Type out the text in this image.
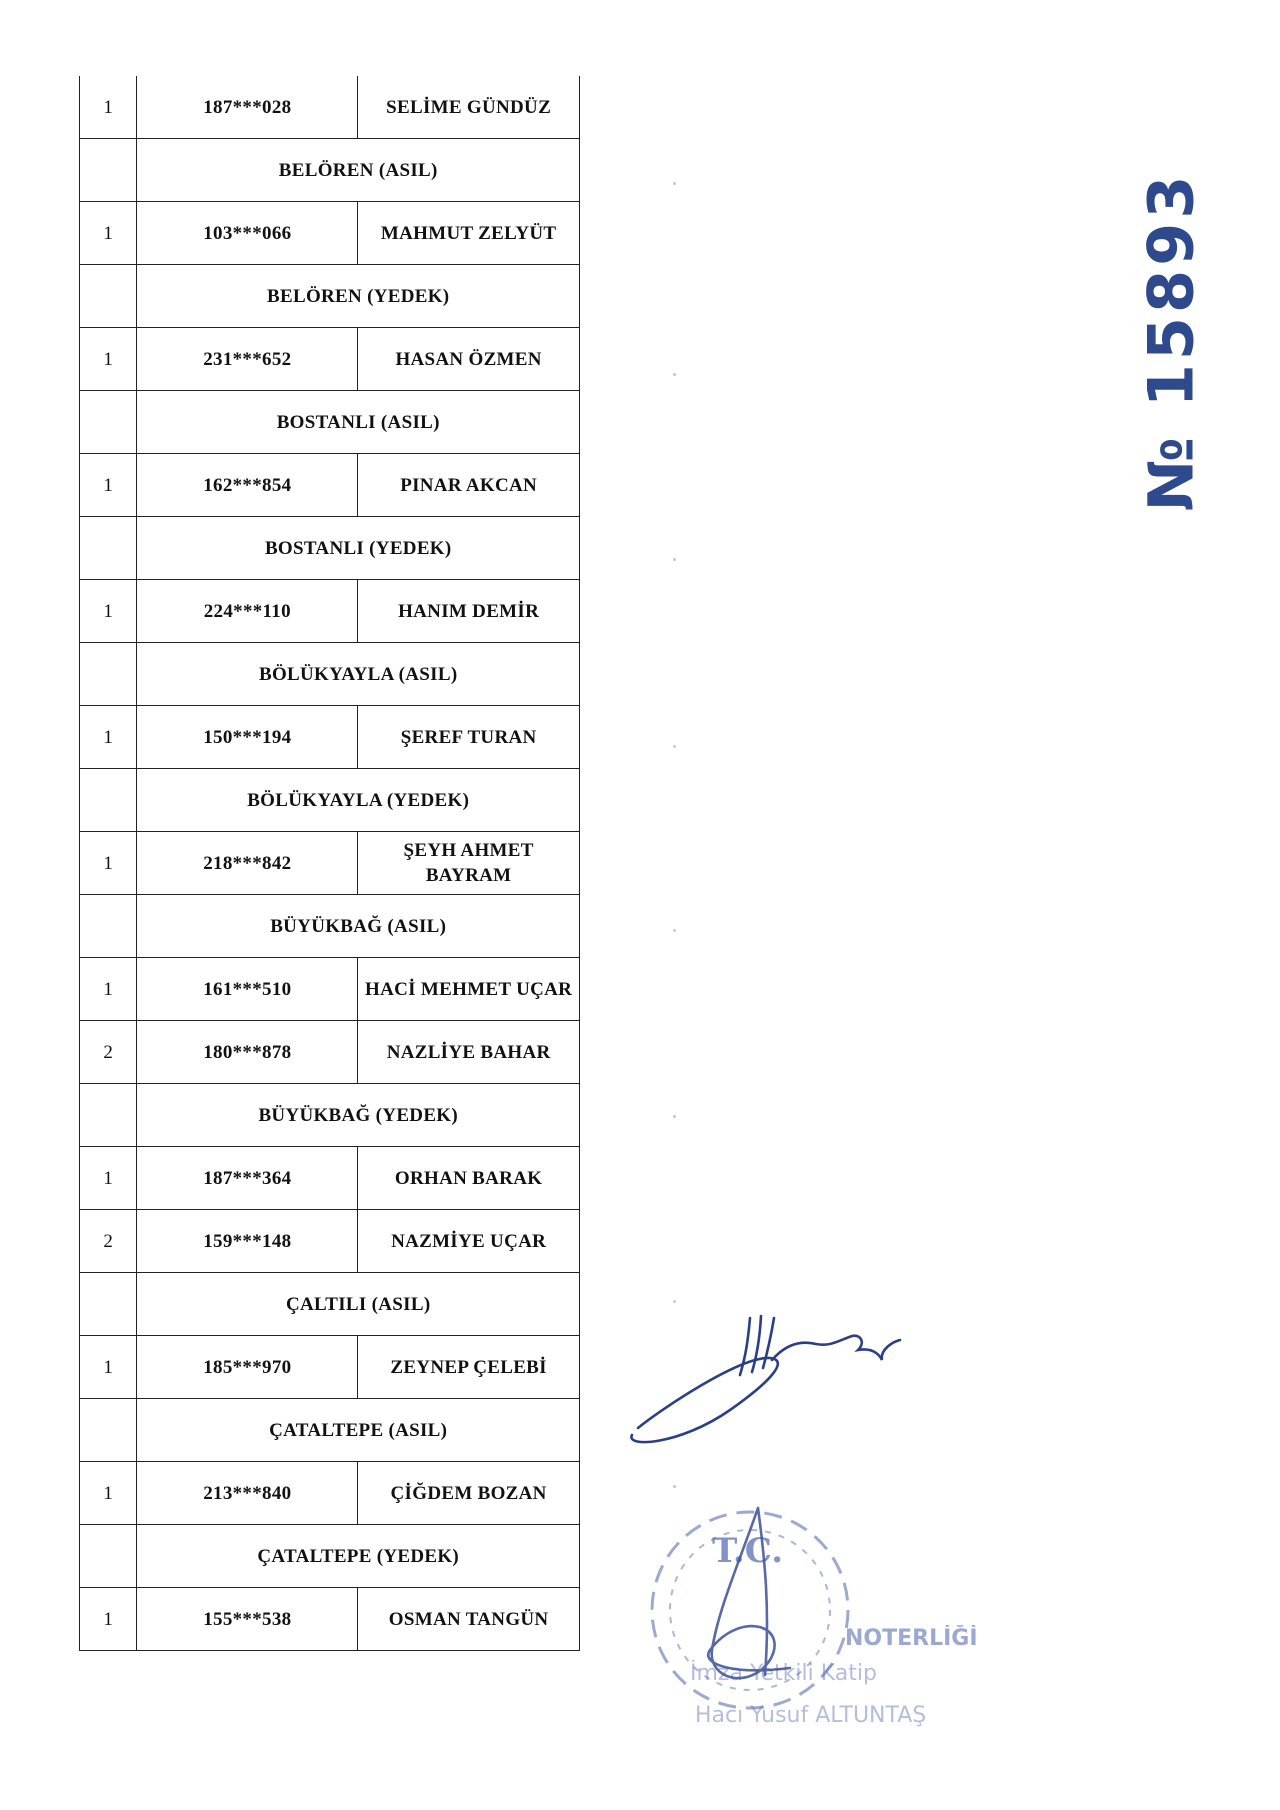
1	187***028	SELİME GÜNDÜZ
	BELÖREN (ASIL)	
1	103***066	MAHMUT ZELYÜT
	BELÖREN (YEDEK)	
1	231***652	HASAN ÖZMEN
	BOSTANLI (ASIL)	
1	162***854	PINAR AKCAN
	BOSTANLI (YEDEK)	
1	224***110	HANIM DEMİR
	BÖLÜKYAYLA (ASIL)	
1	150***194	ŞEREF TURAN
	BÖLÜKYAYLA (YEDEK)	
1	218***842	ŞEYH AHMET BAYRAM
	BÜYÜKBAĞ (ASIL)	
1	161***510	HACİ MEHMET UÇAR
2	180***878	NAZLİYE BAHAR
	BÜYÜKBAĞ (YEDEK)	
1	187***364	ORHAN BARAK
2	159***148	NAZMİYE UÇAR
	ÇALTILI (ASIL)	
1	185***970	ZEYNEP ÇELEBİ
	ÇATALTEPE (ASIL)	
1	213***840	ÇİĞDEM BOZAN
	ÇATALTEPE (YEDEK)	
1	155***538	OSMAN TANGÜN
№ 15893
T.C.
NOTERLİĞİ
İmza Yetkili Katip
Hacı Yusuf ALTUNTAŞ
